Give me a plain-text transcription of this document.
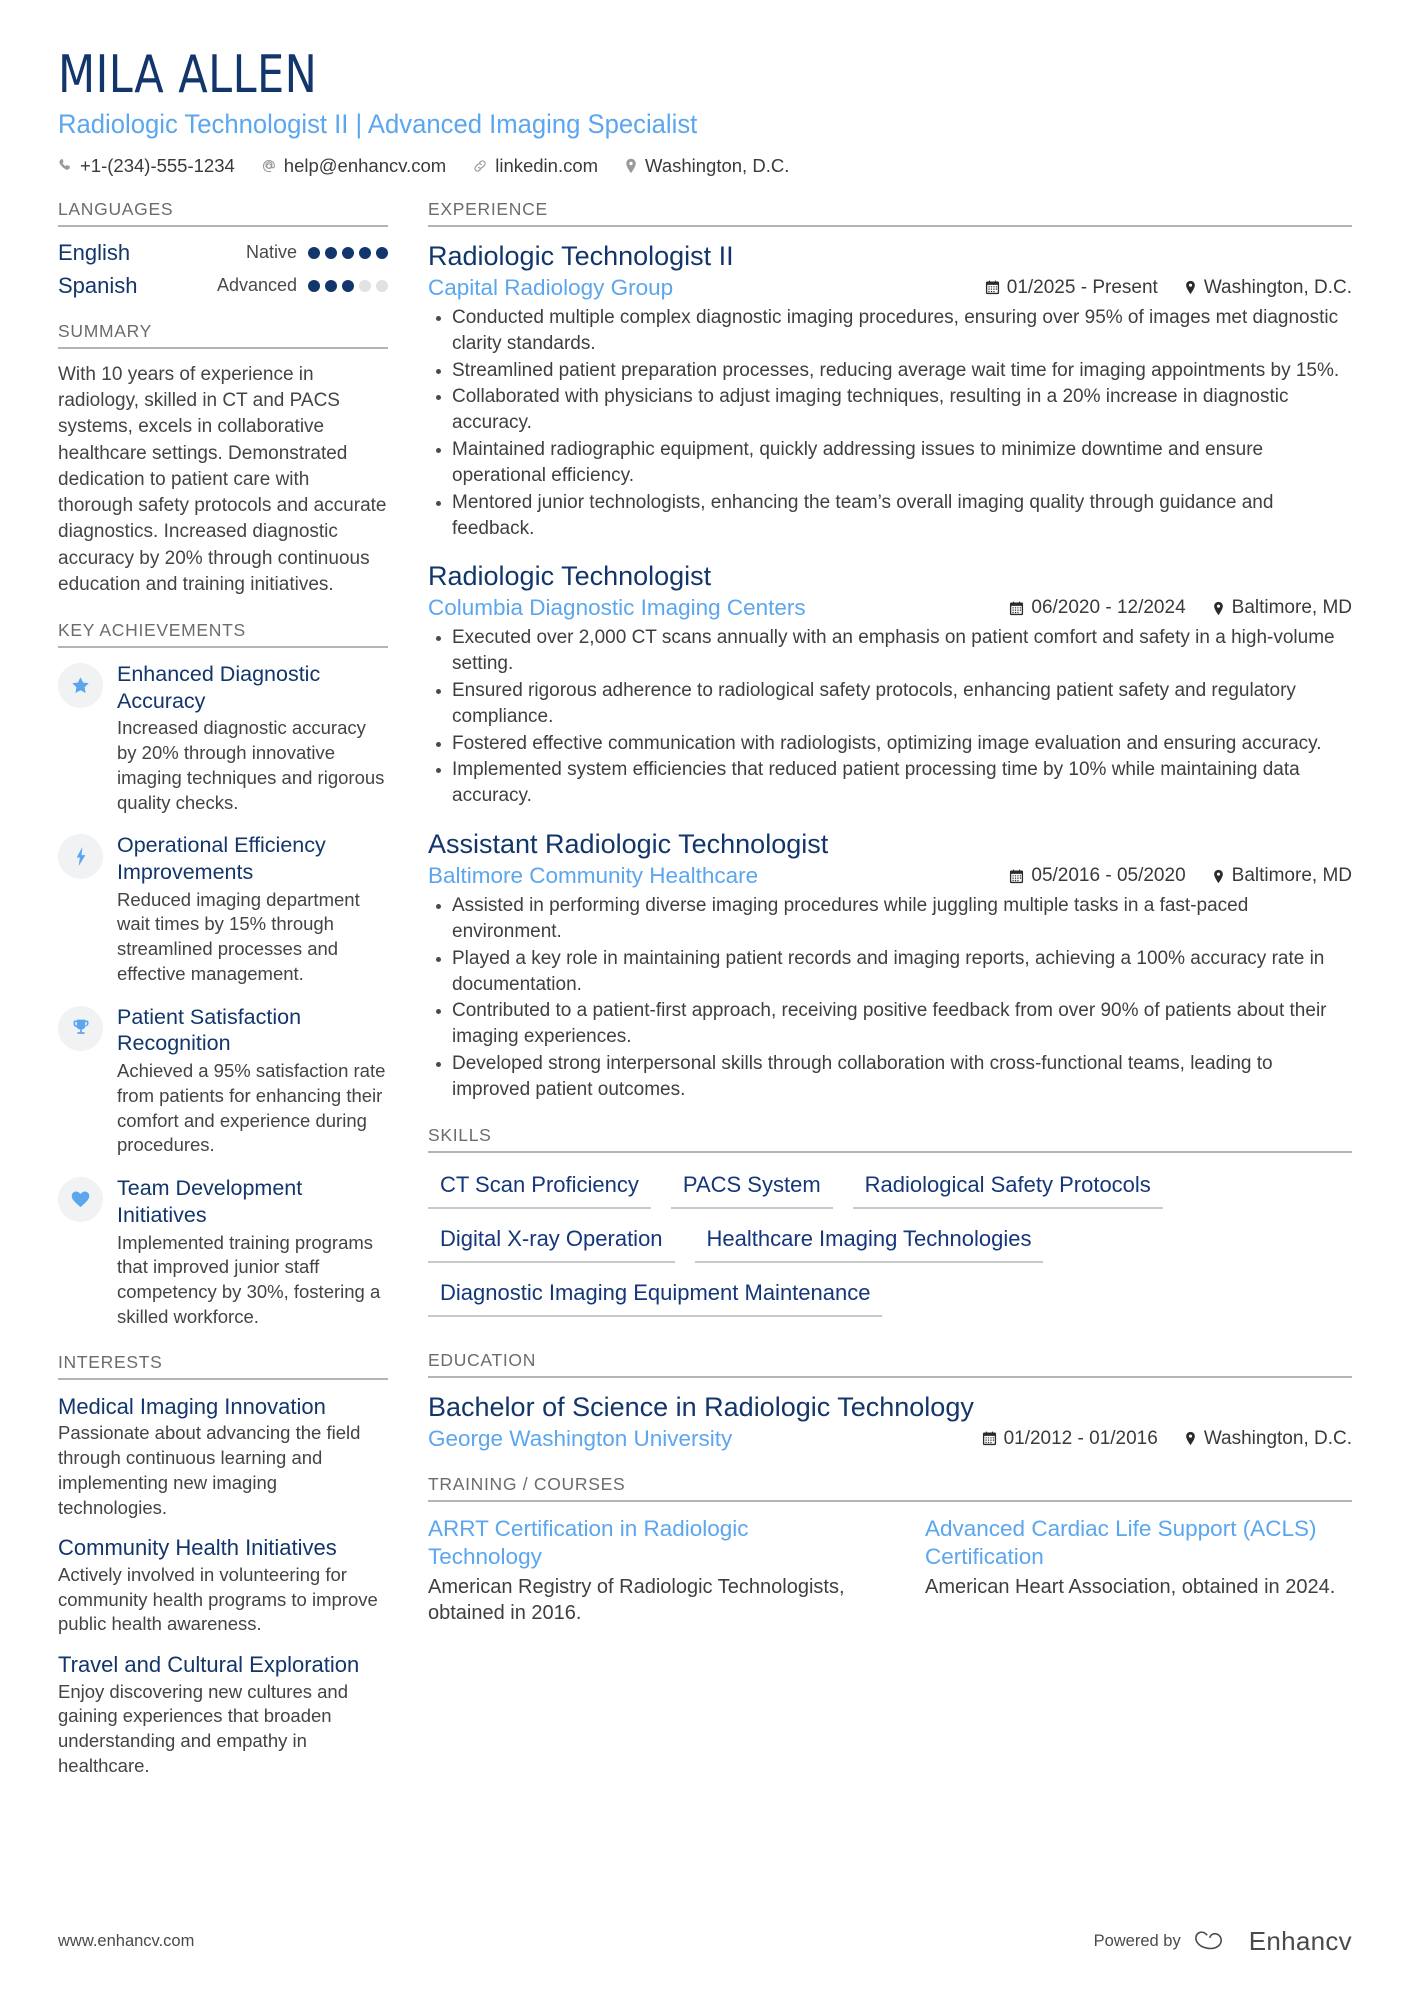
MILA ALLEN
Radiologic Technologist II | Advanced Imaging Specialist
+1-(234)-555-1234	help@enhancv.com	linkedin.com	Washington, D.C.
LANGUAGES
English	Native
Spanish	Advanced
SUMMARY
With 10 years of experience in radiology, skilled in CT and PACS systems, excels in collaborative healthcare settings. Demonstrated dedication to patient care with thorough safety protocols and accurate diagnostics. Increased diagnostic accuracy by 20% through continuous education and training initiatives.
KEY ACHIEVEMENTS
Enhanced Diagnostic Accuracy
Increased diagnostic accuracy by 20% through innovative imaging techniques and rigorous quality checks.
Operational Efficiency Improvements
Reduced imaging department wait times by 15% through streamlined processes and effective management.
Patient Satisfaction Recognition
Achieved a 95% satisfaction rate from patients for enhancing their comfort and experience during procedures.
Team Development Initiatives
Implemented training programs that improved junior staff competency by 30%, fostering a skilled workforce.
INTERESTS
Medical Imaging Innovation
Passionate about advancing the field through continuous learning and implementing new imaging technologies.
Community Health Initiatives
Actively involved in volunteering for community health programs to improve public health awareness.
Travel and Cultural Exploration
Enjoy discovering new cultures and gaining experiences that broaden understanding and empathy in healthcare.
EXPERIENCE
Radiologic Technologist II
Capital Radiology Group	01/2025 - Present Washington, D.C.
Conducted multiple complex diagnostic imaging procedures, ensuring over 95% of images met diagnostic clarity standards.
Streamlined patient preparation processes, reducing average wait time for imaging appointments by 15%.
Collaborated with physicians to adjust imaging techniques, resulting in a 20% increase in diagnostic accuracy.
Maintained radiographic equipment, quickly addressing issues to minimize downtime and ensure operational efficiency.
Mentored junior technologists, enhancing the team’s overall imaging quality through guidance and feedback.
Radiologic Technologist
Columbia Diagnostic Imaging Centers	06/2020 - 12/2024 Baltimore, MD
Executed over 2,000 CT scans annually with an emphasis on patient comfort and safety in a high-volume setting.
Ensured rigorous adherence to radiological safety protocols, enhancing patient safety and regulatory compliance.
Fostered effective communication with radiologists, optimizing image evaluation and ensuring accuracy.
Implemented system efficiencies that reduced patient processing time by 10% while maintaining data accuracy.
Assistant Radiologic Technologist
Baltimore Community Healthcare	05/2016 - 05/2020 Baltimore, MD
Assisted in performing diverse imaging procedures while juggling multiple tasks in a fast-paced environment.
Played a key role in maintaining patient records and imaging reports, achieving a 100% accuracy rate in documentation.
Contributed to a patient-first approach, receiving positive feedback from over 90% of patients about their imaging experiences.
Developed strong interpersonal skills through collaboration with cross-functional teams, leading to improved patient outcomes.
SKILLS
CT Scan Proficiency	PACS System	Radiological Safety Protocols
Digital X-ray Operation	Healthcare Imaging Technologies
Diagnostic Imaging Equipment Maintenance
EDUCATION
Bachelor of Science in Radiologic Technology
George Washington University	01/2012 - 01/2016 Washington, D.C.
TRAINING / COURSES
ARRT Certification in Radiologic Technology
American Registry of Radiologic Technologists, obtained in 2016.
Advanced Cardiac Life Support (ACLS) Certification
American Heart Association, obtained in 2024.
www.enhancv.com	Powered by	Enhancv
